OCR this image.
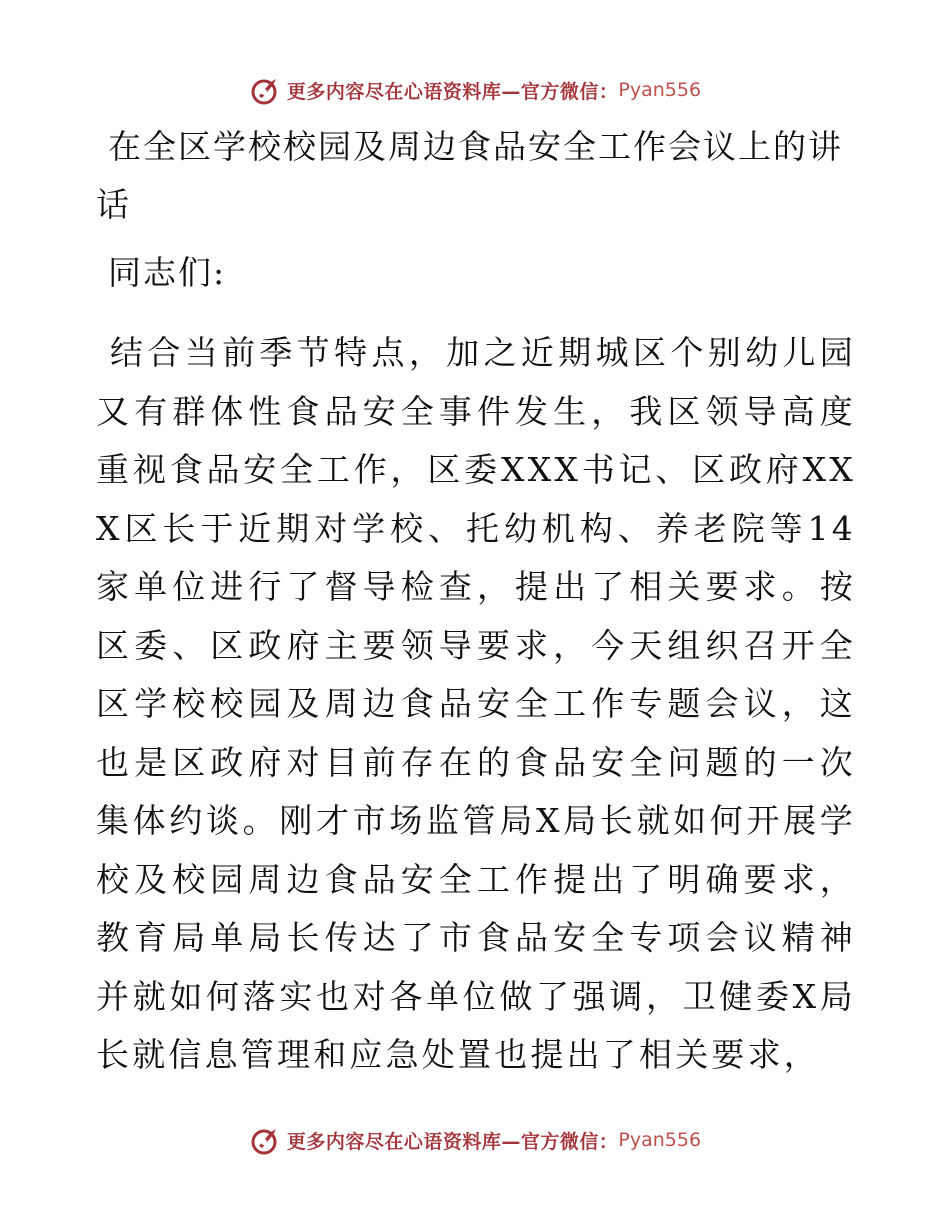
更多内容尽在心语资料库—官方微信： Pyan556
在全区学校校园及周边食品安全工作会议上的讲话

同志们:

结合当前季节特点，加之近期城区个别幼儿园又有群体性食品安全事件发生，我区领导高度重视食品安全工作，区委XXX书记、区政府XXX区长于近期对学校、托幼机构、养老院等14家单位进行了督导检查，提出了相关要求。按区委、区政府主要领导要求，今天组织召开全区学校校园及周边食品安全工作专题会议，这也是区政府对目前存在的食品安全问题的一次集体约谈。刚才市场监管局X局长就如何开展学校及校园周边食品安全工作提出了明确要求，教育局单局长传达了市食品安全专项会议精神并就如何落实也对各单位做了强调，卫健委X局长就信息管理和应急处置也提出了相关要求，

更多内容尽在心语资料库—官方微信： Pyan556
